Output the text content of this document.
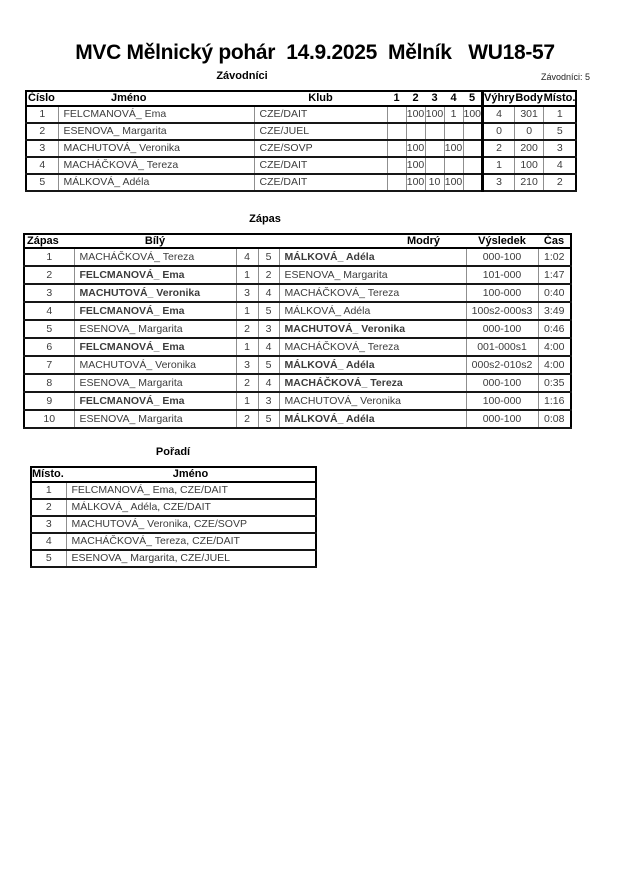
MVC Mělnický pohár  14.9.2025  Mělník   WU18-57
Závodníci	Závodníci: 5
Číslo	Jméno	Klub	1	2	3	4	5	Výhry	Body	Místo.
1	FELCMANOVÁ_ Ema	CZE/DAIT		100	100	1	100	4	301	1
2	ESENOVA_ Margarita	CZE/JUEL						0	0	5
3	MACHUTOVÁ_ Veronika	CZE/SOVP		100		100		2	200	3
4	MACHÁČKOVÁ_ Tereza	CZE/DAIT		100				1	100	4
5	MÁLKOVÁ_ Adéla	CZE/DAIT		100	10	100		3	210	2
Zápas
Zápas	Bílý			Modrý	Výsledek	Čas
1	MACHÁČKOVÁ_ Tereza	4	5	MÁLKOVÁ_ Adéla	000-100	1:02
2	FELCMANOVÁ_ Ema	1	2	ESENOVA_ Margarita	101-000	1:47
3	MACHUTOVÁ_ Veronika	3	4	MACHÁČKOVÁ_ Tereza	100-000	0:40
4	FELCMANOVÁ_ Ema	1	5	MÁLKOVÁ_ Adéla	100s2-000s3	3:49
5	ESENOVA_ Margarita	2	3	MACHUTOVÁ_ Veronika	000-100	0:46
6	FELCMANOVÁ_ Ema	1	4	MACHÁČKOVÁ_ Tereza	001-000s1	4:00
7	MACHUTOVÁ_ Veronika	3	5	MÁLKOVÁ_ Adéla	000s2-010s2	4:00
8	ESENOVA_ Margarita	2	4	MACHÁČKOVÁ_ Tereza	000-100	0:35
9	FELCMANOVÁ_ Ema	1	3	MACHUTOVÁ_ Veronika	100-000	1:16
10	ESENOVA_ Margarita	2	5	MÁLKOVÁ_ Adéla	000-100	0:08
Pořadí
Místo.	Jméno
1	FELCMANOVÁ_ Ema, CZE/DAIT
2	MÁLKOVÁ_ Adéla, CZE/DAIT
3	MACHUTOVÁ_ Veronika, CZE/SOVP
4	MACHÁČKOVÁ_ Tereza, CZE/DAIT
5	ESENOVA_ Margarita, CZE/JUEL
